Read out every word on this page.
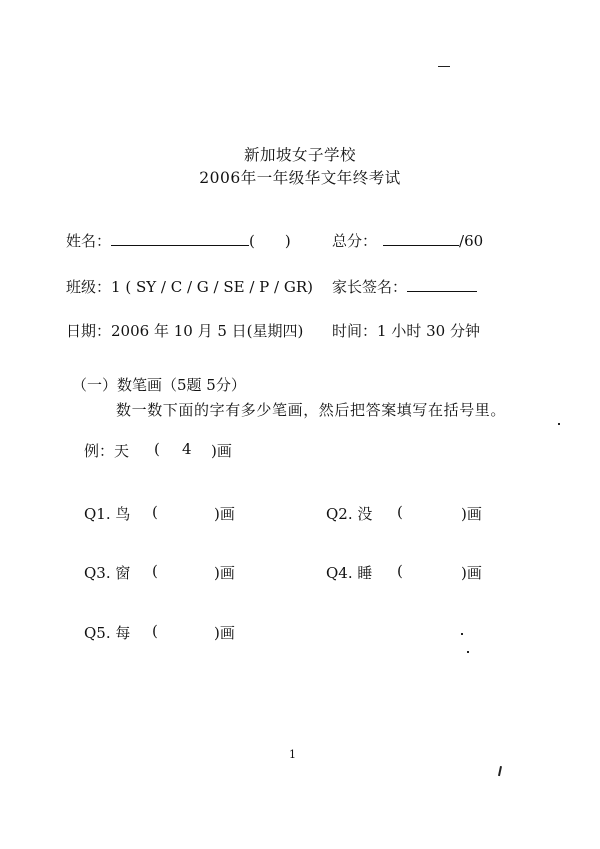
新加坡女子学校
2006年一年级华文年终考试
姓名：	( )	总分：	/60
班级：1 ( SY / C / G / SE / P / GR) 家长签名：
日期：2006 年 10 月 5 日(星期四) 时间：1 小时 30 分钟
（一）数笔画（5题 5分）
数一数下面的字有多少笔画，然后把答案填写在括号里。
例：天 ( 4 )画
Q1. 鸟 (	)画	Q2. 没 (	)画
Q3. 窗 (	)画	Q4. 睡 (	)画
Q5. 每 (	)画
1
